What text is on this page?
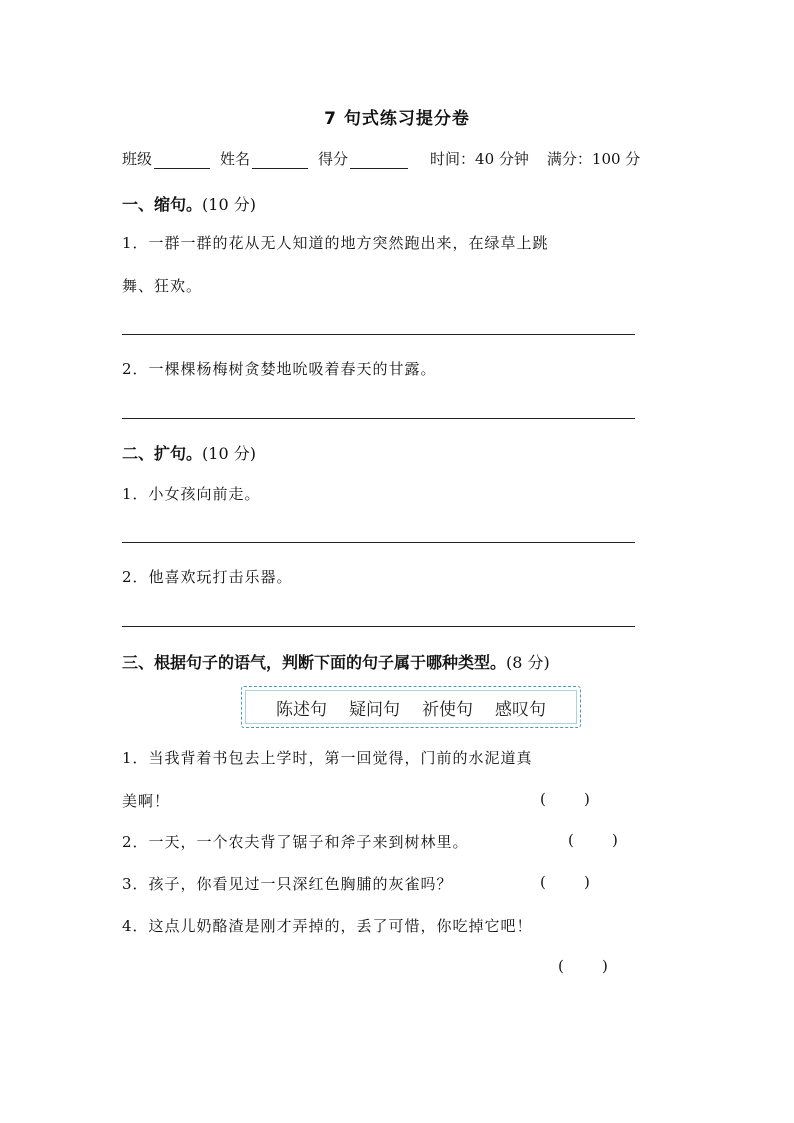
7 句式练习提分卷
班级	姓名	得分	时间：40 分钟 满分：100 分
一、缩句。(10 分)
1．一群一群的花从无人知道的地方突然跑出来，在绿草上跳
舞、狂欢。
2．一棵棵杨梅树贪婪地吮吸着春天的甘露。
二、扩句。(10 分)
1．小女孩向前走。
2．他喜欢玩打击乐器。
三、根据句子的语气，判断下面的句子属于哪种类型。(8 分)
陈述句 疑问句 祈使句 感叹句
1．当我背着书包去上学时，第一回觉得，门前的水泥道真
美啊！	(        )
2．一天，一个农夫背了锯子和斧子来到树林里。	(        )
3．孩子，你看见过一只深红色胸脯的灰雀吗？	(        )
4．这点儿奶酪渣是刚才弄掉的，丢了可惜，你吃掉它吧！
(        )
